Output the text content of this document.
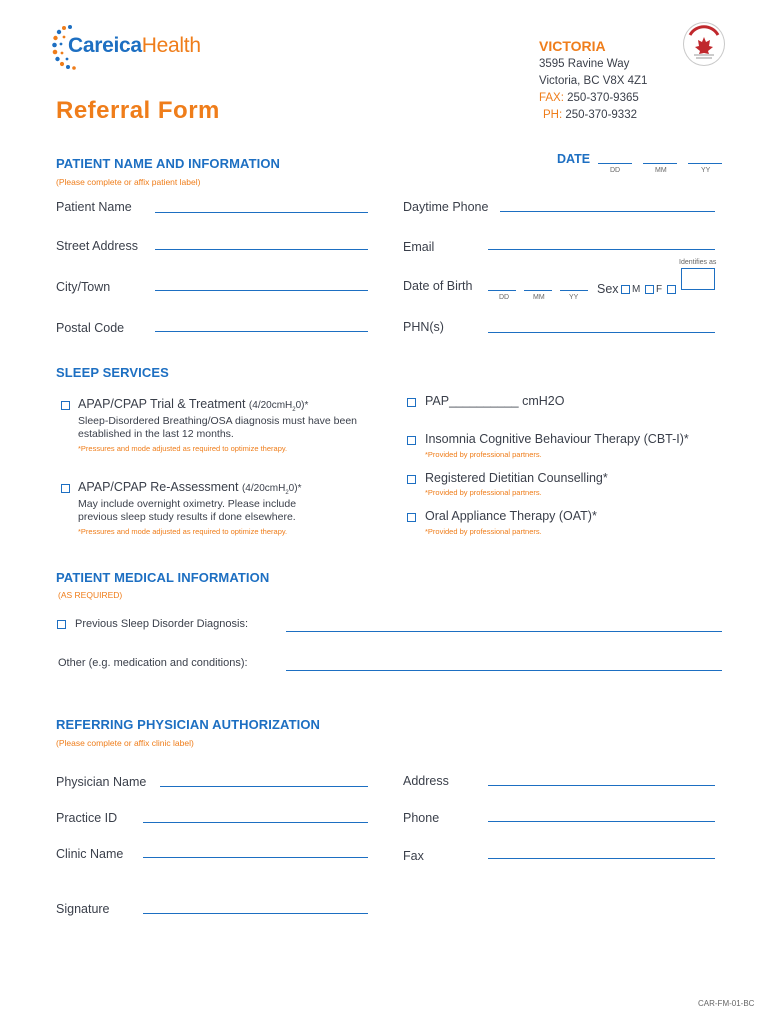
CareicaHealth
Referral Form
VICTORIA
3595 Ravine Way
Victoria, BC V8X 4Z1
FAX: 250-370-9365
PH: 250-370-9332
DATE
DD	MM	YY
PATIENT NAME AND INFORMATION
(Please complete or affix patient label)
Patient Name
Street Address
City/Town
Postal Code
Daytime Phone
Email
Identifies as
Date of Birth
DD	MM	YY
Sex M F
PHN(s)
SLEEP SERVICES
APAP/CPAP Trial & Treatment (4/20cmH$_2$0)*
Sleep-Disordered Breathing/OSA diagnosis must have been established in the last 12 months.
*Pressures and mode adjusted as required to optimize therapy.
APAP/CPAP Re-Assessment (4/20cmH$_2$0)*
May include overnight oximetry. Please include previous sleep study results if done elsewhere.
*Pressures and mode adjusted as required to optimize therapy.
PAP__________ cmH2O
Insomnia Cognitive Behaviour Therapy (CBT-I)*
*Provided by professional partners.
Registered Dietitian Counselling*
*Provided by professional partners.
Oral Appliance Therapy (OAT)*
*Provided by professional partners.
PATIENT MEDICAL INFORMATION
(AS REQUIRED)
Previous Sleep Disorder Diagnosis:
Other (e.g. medication and conditions):
REFERRING PHYSICIAN AUTHORIZATION
(Please complete or affix clinic label)
Physician Name
Practice ID
Clinic Name
Signature
Address
Phone
Fax
CAR-FM-01-BC
